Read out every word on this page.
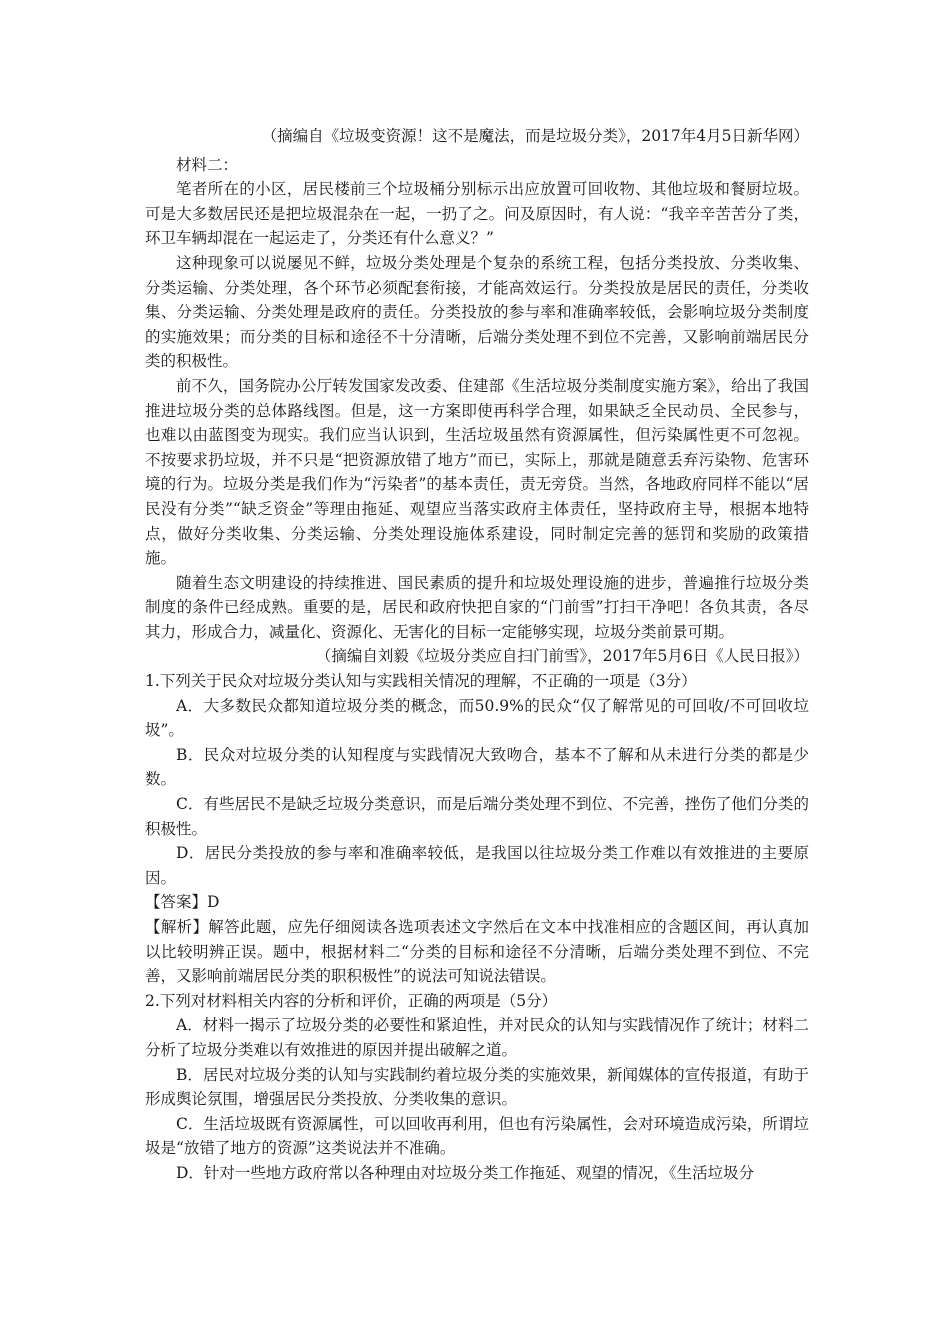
（摘编自《垃圾变资源！这不是魔法，而是垃圾分类》，2017年4月5日新华网）

材料二：

笔者所在的小区，居民楼前三个垃圾桶分别标示出应放置可回收物、其他垃圾和餐厨垃圾。可是大多数居民还是把垃圾混杂在一起，一扔了之。问及原因时，有人说：“我辛辛苦苦分了类，环卫车辆却混在一起运走了，分类还有什么意义？”

这种现象可以说屡见不鲜，垃圾分类处理是个复杂的系统工程，包括分类投放、分类收集、分类运输、分类处理，各个环节必须配套衔接，才能高效运行。分类投放是居民的责任，分类收集、分类运输、分类处理是政府的责任。分类投放的参与率和准确率较低，会影响垃圾分类制度的实施效果；而分类的目标和途径不十分清晰，后端分类处理不到位不完善，又影响前端居民分类的积极性。

前不久，国务院办公厅转发国家发改委、住建部《生活垃圾分类制度实施方案》，给出了我国推进垃圾分类的总体路线图。但是，这一方案即使再科学合理，如果缺乏全民动员、全民参与，也难以由蓝图变为现实。我们应当认识到，生活垃圾虽然有资源属性，但污染属性更不可忽视。不按要求扔垃圾，并不只是“把资源放错了地方”而已，实际上，那就是随意丢弃污染物、危害环境的行为。垃圾分类是我们作为“污染者”的基本责任，责无旁贷。当然，各地政府同样不能以“居民没有分类”“缺乏资金”等理由拖延、观望应当落实政府主体责任，坚持政府主导，根据本地特点，做好分类收集、分类运输、分类处理设施体系建设，同时制定完善的惩罚和奖励的政策措施。

随着生态文明建设的持续推进、国民素质的提升和垃圾处理设施的进步，普遍推行垃圾分类制度的条件已经成熟。重要的是，居民和政府快把自家的“门前雪”打扫干净吧！各负其责，各尽其力，形成合力，减量化、资源化、无害化的目标一定能够实现，垃圾分类前景可期。

（摘编自刘毅《垃圾分类应自扫门前雪》，2017年5月6日《人民日报》）

1.下列关于民众对垃圾分类认知与实践相关情况的理解，不正确的一项是（3分）

A．大多数民众都知道垃圾分类的概念，而50.9%的民众“仅了解常见的可回收/不可回收垃圾”。

B．民众对垃圾分类的认知程度与实践情况大致吻合，基本不了解和从未进行分类的都是少数。

C．有些居民不是缺乏垃圾分类意识，而是后端分类处理不到位、不完善，挫伤了他们分类的积极性。

D．居民分类投放的参与率和准确率较低，是我国以往垃圾分类工作难以有效推进的主要原因。

【答案】D

【解析】解答此题，应先仔细阅读各选项表述文字然后在文本中找准相应的含题区间，再认真加以比较明辨正误。题中，根据材料二“分类的目标和途径不分清晰，后端分类处理不到位、不完善，又影响前端居民分类的职积极性”的说法可知说法错误。

2.下列对材料相关内容的分析和评价，正确的两项是（5分）

A．材料一揭示了垃圾分类的必要性和紧迫性，并对民众的认知与实践情况作了统计；材料二分析了垃圾分类难以有效推进的原因并提出破解之道。

B．居民对垃圾分类的认知与实践制约着垃圾分类的实施效果，新闻媒体的宣传报道，有助于形成舆论氛围，增强居民分类投放、分类收集的意识。

C．生活垃圾既有资源属性，可以回收再利用，但也有污染属性，会对环境造成污染，所谓垃圾是“放错了地方的资源”这类说法并不准确。

D．针对一些地方政府常以各种理由对垃圾分类工作拖延、观望的情况，《生活垃圾分
